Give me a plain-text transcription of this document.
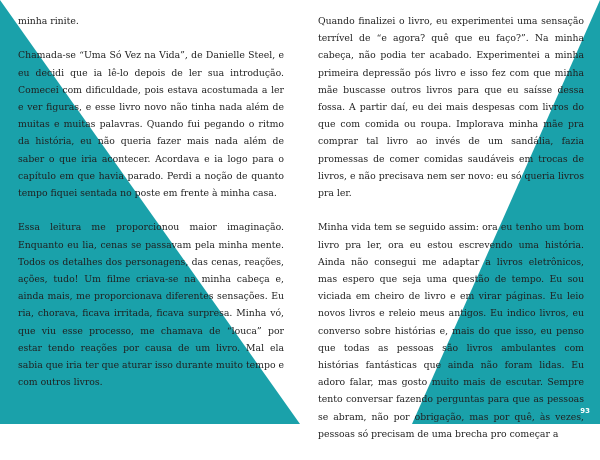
minha rinite.

Chamada-se “Uma Só Vez na Vida”, de Danielle Steel, e eu decidi que ia lê-lo depois de ler sua introdução. Comecei com dificuldade, pois estava acostumada a ler e ver figuras, e esse livro novo não tinha nada além de muitas e muitas palavras. Quando fui pegando o ritmo da história, eu não queria fazer mais nada além de saber o que iria acontecer. Acordava e ia logo para o capítulo em que havia parado. Perdi a noção de quanto tempo fiquei sentada no poste em frente à minha casa.

Essa leitura me proporcionou maior imaginação. Enquanto eu lia, cenas se passavam pela minha mente. Todos os detalhes dos personagens, das cenas, reações, ações, tudo! Um filme criava-se na minha cabeça e, ainda mais, me proporcionava diferentes sensações. Eu ria, chorava, ficava irritada, ficava surpresa. Minha vó, que viu esse processo, me chamava de “louca” por estar tendo reações por causa de um livro. Mal ela sabia que iria ter que aturar isso durante muito tempo e com outros livros.

Quando finalizei o livro, eu experimentei uma sensação terrível de “e agora? quê que eu faço?”. Na minha cabeça, não podia ter acabado. Experimentei a minha primeira depressão pós livro e isso fez com que minha mãe buscasse outros livros para que eu saísse dessa fossa. A partir daí, eu dei mais despesas com livros do que com comida ou roupa. Implorava minha mãe pra comprar tal livro ao invés de um sandália, fazia promessas de comer comidas saudáveis em trocas de livros, e não precisava nem ser novo: eu só queria livros pra ler.

Minha vida tem se seguido assim: ora eu tenho um bom livro pra ler, ora eu estou escrevendo uma história. Ainda não consegui me adaptar a livros eletrônicos, mas espero que seja uma questão de tempo. Eu sou viciada em cheiro de livro e em virar páginas. Eu leio novos livros e releio meus antigos. Eu indico livros, eu converso sobre histórias e, mais do que isso, eu penso que todas as pessoas são livros ambulantes com histórias fantásticas que ainda não foram lidas. Eu adoro falar, mas gosto muito mais de escutar. Sempre tento conversar fazendo perguntas para que as pessoas se abram, não por obrigação, mas por quê, às vezes, pessoas só precisam de uma brecha pro começar a

93
